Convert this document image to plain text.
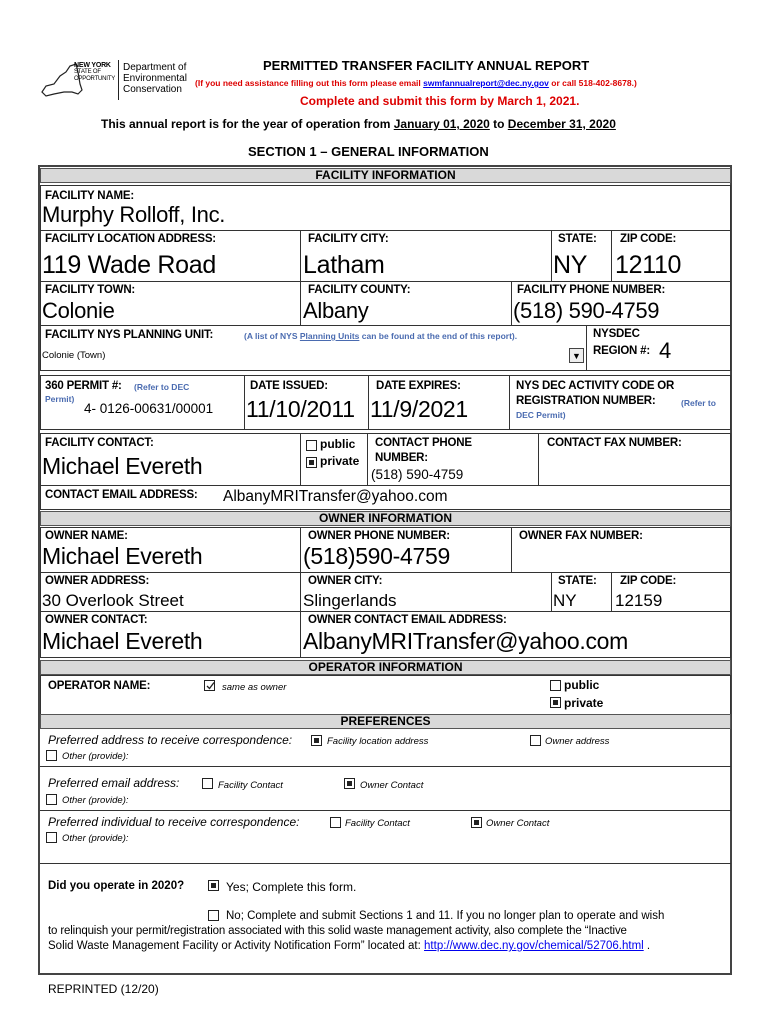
NEW YORK
STATE OF
OPPORTUNITY
Department of
Environmental
Conservation
PERMITTED TRANSFER FACILITY ANNUAL REPORT
(If you need assistance filling out this form please email swmfannualreport@dec.ny.gov or call 518-402-8678.)
Complete and submit this form by March 1, 2021.
This annual report is for the year of operation from January 01, 2020 to December 31, 2020
SECTION 1 – GENERAL INFORMATION
FACILITY INFORMATION
FACILITY NAME:
Murphy Rolloff, Inc.
FACILITY LOCATION ADDRESS:
119 Wade Road
FACILITY CITY:
Latham
STATE:
NY
ZIP CODE:
12110
FACILITY TOWN:
Colonie
FACILITY COUNTY:
Albany
FACILITY PHONE NUMBER:
(518) 590-4759
FACILITY NYS PLANNING UNIT:	(A list of NYS Planning Units can be found at the end of this report).
Colonie (Town)	▼
NYSDEC
REGION #: 4
360 PERMIT #: (Refer to DEC
Permit)
4- 0126-00631/00001
DATE ISSUED:
11/10/2011
DATE EXPIRES:
11/9/2021
NYS DEC ACTIVITY CODE OR
REGISTRATION NUMBER:	(Refer to
DEC Permit)
FACILITY CONTACT:
Michael Evereth
public
private
CONTACT PHONE
NUMBER:
(518) 590-4759
CONTACT FAX NUMBER:
CONTACT EMAIL ADDRESS: AlbanyMRITransfer@yahoo.com
OWNER INFORMATION
OWNER NAME:
Michael Evereth
OWNER PHONE NUMBER:
(518)590-4759
OWNER FAX NUMBER:
OWNER ADDRESS:
30 Overlook Street
OWNER CITY:
Slingerlands
STATE:
NY
ZIP CODE:
12159
OWNER CONTACT:
Michael Evereth
OWNER CONTACT EMAIL ADDRESS:
AlbanyMRITransfer@yahoo.com
OPERATOR INFORMATION
OPERATOR NAME:	same as owner	public
private
PREFERENCES
Preferred address to receive correspondence:	Facility location address	Owner address
Other (provide):
Preferred email address:	Facility Contact	Owner Contact
Other (provide):
Preferred individual to receive correspondence:	Facility Contact	Owner Contact
Other (provide):
Did you operate in 2020?	Yes; Complete this form.
No; Complete and submit Sections 1 and 11. If you no longer plan to operate and wish
to relinquish your permit/registration associated with this solid waste management activity, also complete the “Inactive
Solid Waste Management Facility or Activity Notification Form” located at: http://www.dec.ny.gov/chemical/52706.html .
REPRINTED (12/20)
